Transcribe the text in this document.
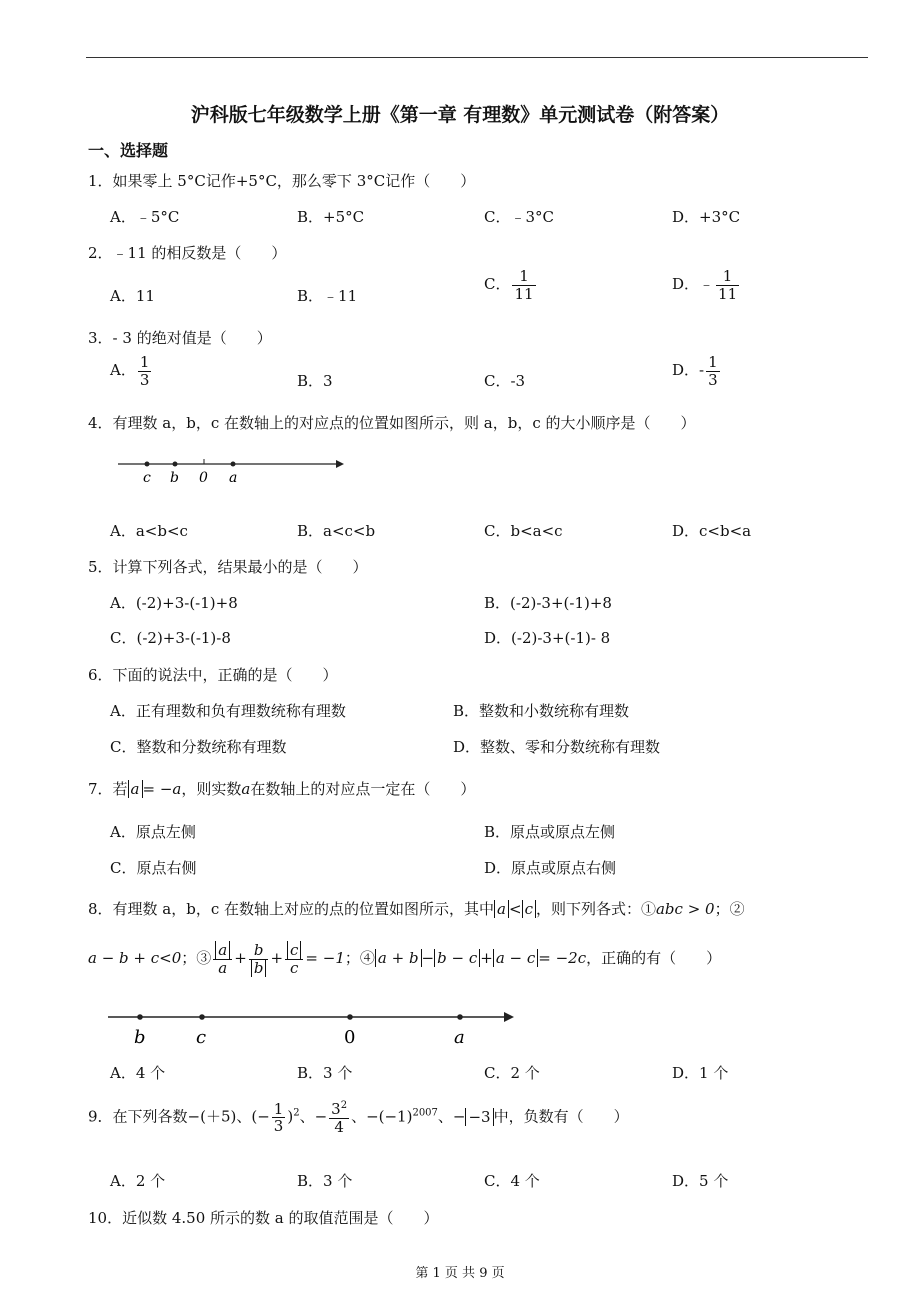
沪科版七年级数学上册《第一章 有理数》单元测试卷（附答案）
一、选择题
1．如果零上 5°C记作+5°C，那么零下 3°C记作（　　）
A．﹣5°C	B．+5°C	C．﹣3°C	D．+3°C
2．﹣11 的相反数是（　　）
A．11	B．﹣11
C． $\frac{1}{11}$	D．﹣ $\frac{1}{11}$
3．- 3 的绝对值是（　　）
A． $\frac{1}{3}$	B．3	C．-3
D．- $\frac{1}{3}$
4．有理数 a，b，c 在数轴上的对应点的位置如图所示，则 a，b，c 的大小顺序是（　　）
c b 0 a
A．a<b<c	B．a<c<b	C．b<a<c	D．c<b<a
5．计算下列各式，结果最小的是（　　）
A．(-2)+3-(-1)+8	B．(-2)-3+(-1)+8
C．(-2)+3-(-1)-8	D．(-2)-3+(-1)- 8
6．下面的说法中，正确的是（　　）
A．正有理数和负有理数统称有理数	B．整数和小数统称有理数
C．整数和分数统称有理数	D．整数、零和分数统称有理数
7．若 a = −a，则实数a在数轴上的对应点一定在（　　）
A．原点左侧	B．原点或原点左侧
C．原点右侧	D．原点或原点右侧
8．有理数 a，b，c 在数轴上对应的点的位置如图所示，其中 a < c ，则下列各式：①abc > 0；②
a − b + c<0；③ $\frac{a}{a} + \frac{b}{b} + \frac{c}{c} = -1$；④ a + b − b − c + a − c = −2c，正确的有（　　）
b	c	0	a
A．4 个	B．3 个	C．2 个	D．1 个
9．在下列各数−(＋5)、(− $\frac{1}{3} )^2$、− $\frac{3^2}{4}$ 、$-(-1)^{2007}$、− −3 中，负数有（　　）
A．2 个	B．3 个	C．4 个	D．5 个
10．近似数 4.50 所示的数 a 的取值范围是（　　）
第 1 页 共 9 页
